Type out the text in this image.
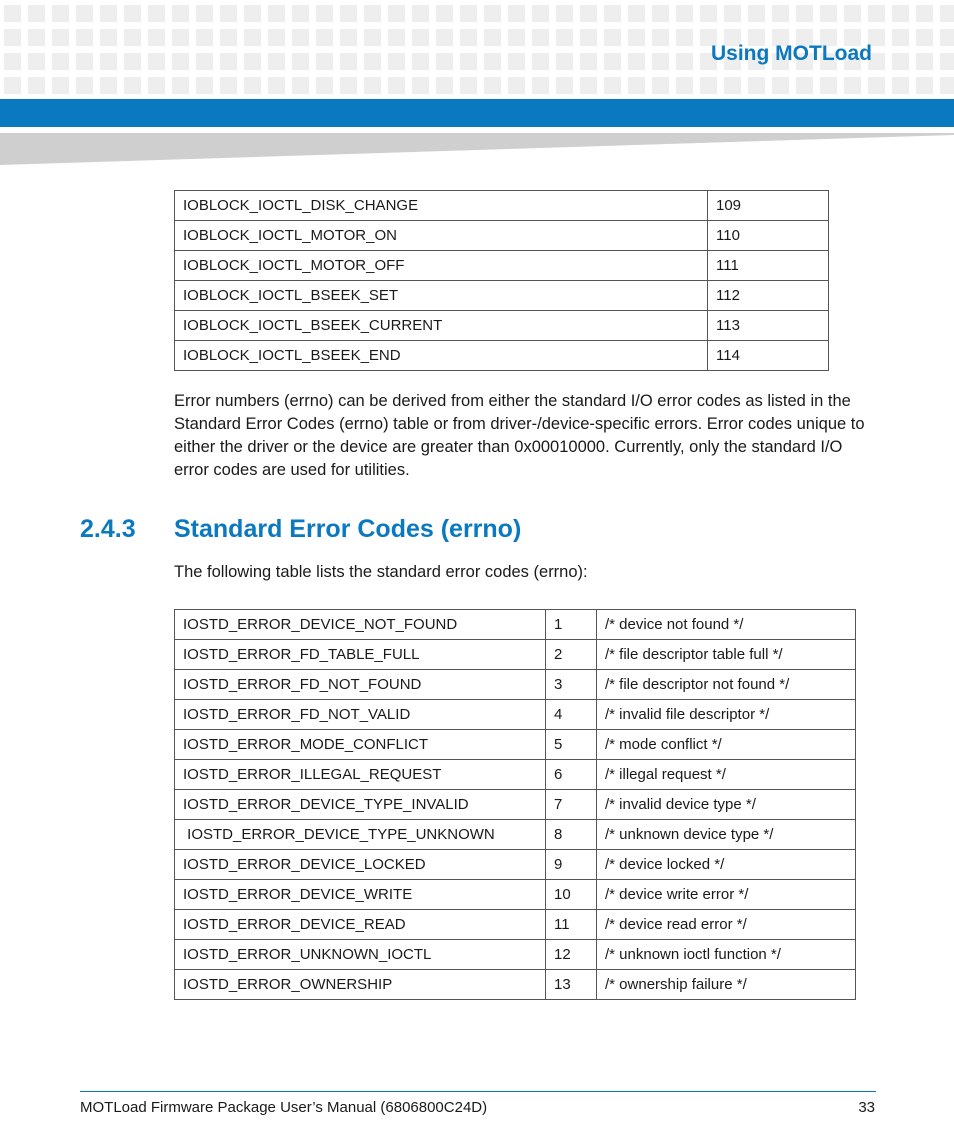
Using MOTLoad
IOBLOCK_IOCTL_DISK_CHANGE	109
IOBLOCK_IOCTL_MOTOR_ON	110
IOBLOCK_IOCTL_MOTOR_OFF	111
IOBLOCK_IOCTL_BSEEK_SET	112
IOBLOCK_IOCTL_BSEEK_CURRENT	113
IOBLOCK_IOCTL_BSEEK_END	114

Error numbers (errno) can be derived from either the standard I/O error codes as listed in the Standard Error Codes (errno) table or from driver-/device-specific errors. Error codes unique to either the driver or the device are greater than 0x00010000. Currently, only the standard I/O error codes are used for utilities.

2.4.3 Standard Error Codes (errno)

The following table lists the standard error codes (errno):

IOSTD_ERROR_DEVICE_NOT_FOUND	1	/* device not found */
IOSTD_ERROR_FD_TABLE_FULL	2	/* file descriptor table full */
IOSTD_ERROR_FD_NOT_FOUND	3	/* file descriptor not found */
IOSTD_ERROR_FD_NOT_VALID	4	/* invalid file descriptor */
IOSTD_ERROR_MODE_CONFLICT	5	/* mode conflict */
IOSTD_ERROR_ILLEGAL_REQUEST	6	/* illegal request */
IOSTD_ERROR_DEVICE_TYPE_INVALID	7	/* invalid device type */
IOSTD_ERROR_DEVICE_TYPE_UNKNOWN	8	/* unknown device type */
IOSTD_ERROR_DEVICE_LOCKED	9	/* device locked */
IOSTD_ERROR_DEVICE_WRITE	10	/* device write error */
IOSTD_ERROR_DEVICE_READ	11	/* device read error */
IOSTD_ERROR_UNKNOWN_IOCTL	12	/* unknown ioctl function */
IOSTD_ERROR_OWNERSHIP	13	/* ownership failure */
MOTLoad Firmware Package User’s Manual (6806800C24D)	33
